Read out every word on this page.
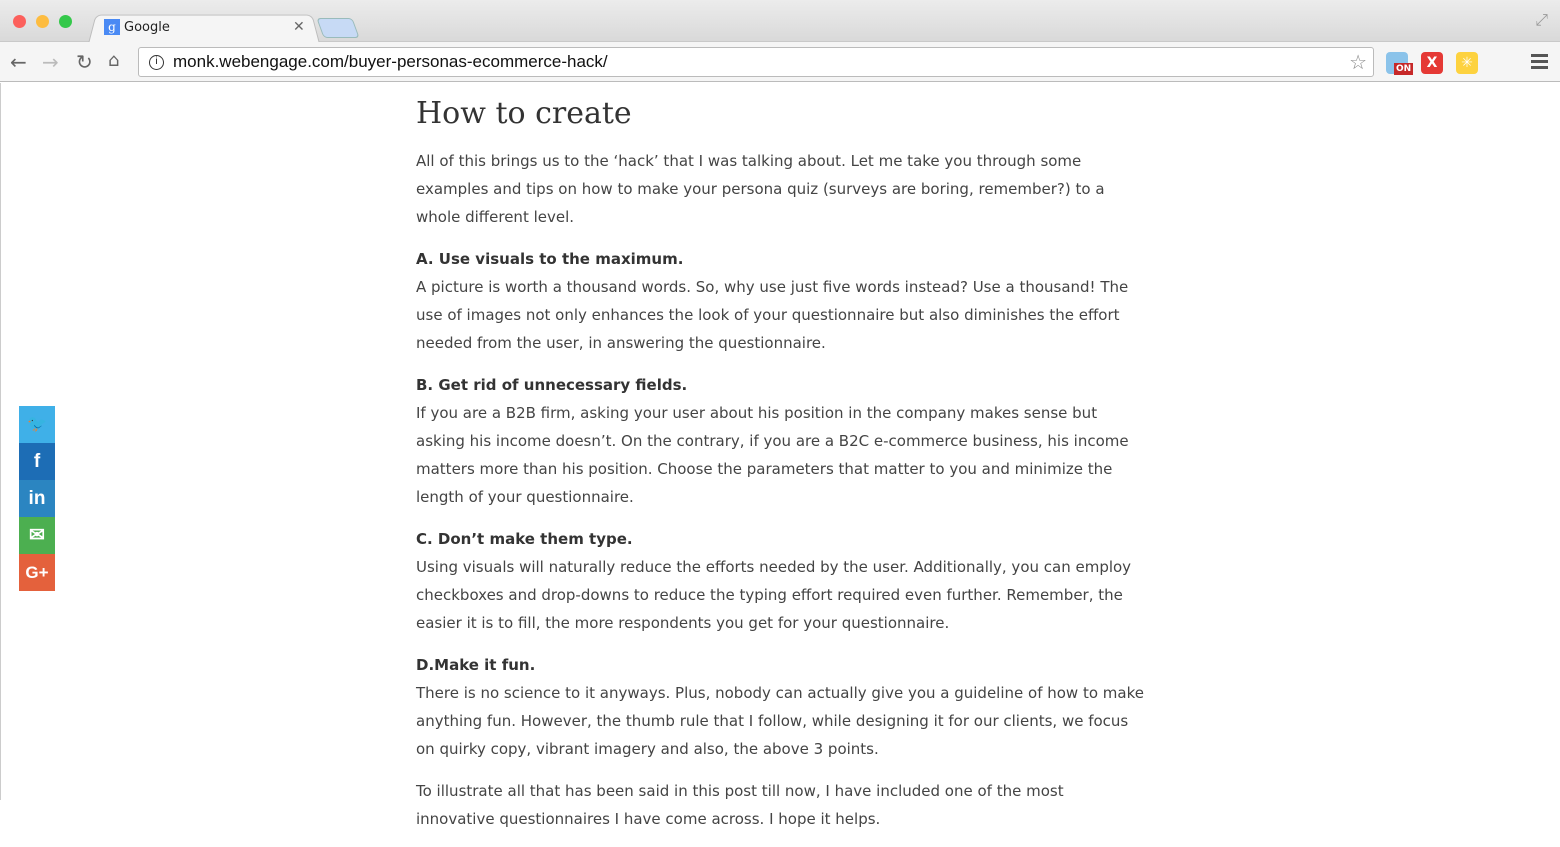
g Google	✕	⤢
← → ↻ ⌂	i monk.webengage.com/buyer-personas-ecommerce-hack/	☆	ON	X	✳
How to create

All of this brings us to the ‘hack’ that I was talking about. Let me take you through some examples and tips on how to make your persona quiz (surveys are boring, remember?) to a whole different level.

A. Use visuals to the maximum.
A picture is worth a thousand words. So, why use just five words instead? Use a thousand! The use of images not only enhances the look of your questionnaire but also diminishes the effort needed from the user, in answering the questionnaire.

B. Get rid of unnecessary fields.
If you are a B2B firm, asking your user about his position in the company makes sense but asking his income doesn’t. On the contrary, if you are a B2C e-commerce business, his income matters more than his position. Choose the parameters that matter to you and minimize the length of your questionnaire.

C. Don’t make them type.
Using visuals will naturally reduce the efforts needed by the user. Additionally, you can employ checkboxes and drop-downs to reduce the typing effort required even further. Remember, the easier it is to fill, the more respondents you get for your questionnaire.

D.Make it fun.
There is no science to it anyways. Plus, nobody can actually give you a guideline of how to make anything fun. However, the thumb rule that I follow, while designing it for our clients, we focus on quirky copy, vibrant imagery and also, the above 3 points.

To illustrate all that has been said in this post till now, I have included one of the most innovative questionnaires I have come across. I hope it helps.

🐦
f
in
✉
G+
